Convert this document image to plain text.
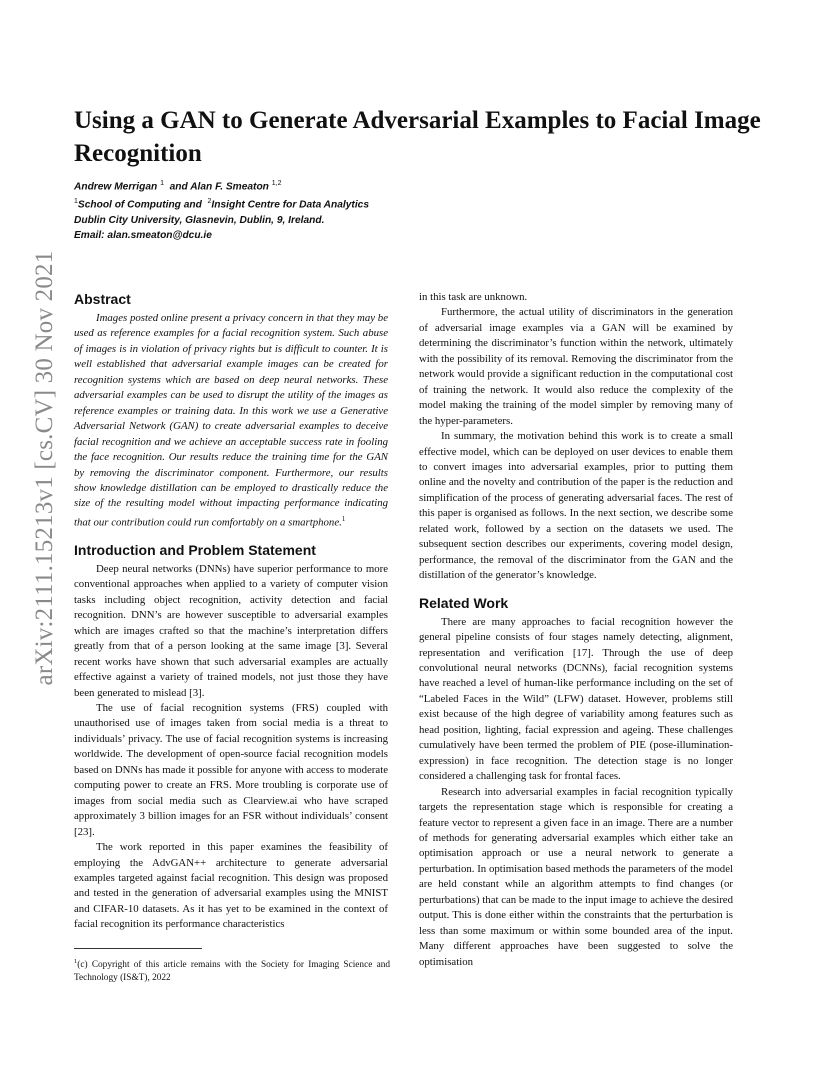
arXiv:2111.15213v1 [cs.CV] 30 Nov 2021
Using a GAN to Generate Adversarial Examples to Facial Image Recognition
Andrew Merrigan $^1$ and Alan F. Smeaton $^{1,2}$
$^1$School of Computing and $^2$Insight Centre for Data Analytics
Dublin City University, Glasnevin, Dublin, 9, Ireland.
Email: alan.smeaton@dcu.ie
Abstract

Images posted online present a privacy concern in that they may be used as reference examples for a facial recognition system. Such abuse of images is in violation of privacy rights but is difficult to counter. It is well established that adversarial example images can be created for recognition systems which are based on deep neural networks. These adversarial examples can be used to disrupt the utility of the images as reference examples or training data. In this work we use a Generative Adversarial Network (GAN) to create adversarial examples to deceive facial recognition and we achieve an acceptable success rate in fooling the face recognition. Our results reduce the training time for the GAN by removing the discriminator component. Furthermore, our results show knowledge distillation can be employed to drastically reduce the size of the resulting model without impacting performance indicating that our contribution could run comfortably on a smartphone.$^1$

Introduction and Problem Statement

Deep neural networks (DNNs) have superior performance to more conventional approaches when applied to a variety of computer vision tasks including object recognition, activity detection and facial recognition. DNN’s are however susceptible to adversarial examples which are images crafted so that the machine’s interpretation differs greatly from that of a person looking at the same image [3]. Several recent works have shown that such adversarial examples are actually effective against a variety of trained models, not just those they have been generated to mislead [3].

The use of facial recognition systems (FRS) coupled with unauthorised use of images taken from social media is a threat to individuals’ privacy. The use of facial recognition systems is increasing worldwide. The development of open-source facial recognition models based on DNNs has made it possible for anyone with access to moderate computing power to create an FRS. More troubling is corporate use of images from social media such as Clearview.ai who have scraped approximately 3 billion images for an FSR without individuals’ consent [23].

The work reported in this paper examines the feasibility of employing the AdvGAN++ architecture to generate adversarial examples targeted against facial recognition. This design was proposed and tested in the generation of adversarial examples using the MNIST and CIFAR-10 datasets. As it has yet to be examined in the context of facial recognition its performance characteristics

in this task are unknown.

Furthermore, the actual utility of discriminators in the generation of adversarial image examples via a GAN will be examined by determining the discriminator’s function within the network, ultimately with the possibility of its removal. Removing the discriminator from the network would provide a significant reduction in the computational cost of training the network. It would also reduce the complexity of the model making the training of the model simpler by removing many of the hyper-parameters.

In summary, the motivation behind this work is to create a small effective model, which can be deployed on user devices to enable them to convert images into adversarial examples, prior to putting them online and the novelty and contribution of the paper is the reduction and simplification of the process of generating adversarial faces. The rest of this paper is organised as follows. In the next section, we describe some related work, followed by a section on the datasets we used. The subsequent section describes our experiments, covering model design, performance, the removal of the discriminator from the GAN and the distillation of the generator’s knowledge.

Related Work

There are many approaches to facial recognition however the general pipeline consists of four stages namely detecting, alignment, representation and verification [17]. Through the use of deep convolutional neural networks (DCNNs), facial recognition systems have reached a level of human-like performance including on the set of “Labeled Faces in the Wild” (LFW) dataset. However, problems still exist because of the high degree of variability among features such as head position, lighting, facial expression and ageing. These challenges cumulatively have been termed the problem of PIE (pose-illumination-expression) in face recognition. The detection stage is no longer considered a challenging task for frontal faces.

Research into adversarial examples in facial recognition typically targets the representation stage which is responsible for creating a feature vector to represent a given face in an image. There are a number of methods for generating adversarial examples which either take an optimisation approach or use a neural network to generate a perturbation. In optimisation based methods the parameters of the model are held constant while an algorithm attempts to find changes (or perturbations) that can be made to the input image to achieve the desired output. This is done either within the constraints that the perturbation is less than some maximum or within some bounded area of the input. Many different approaches have been suggested to solve the optimisation

$^1$(c) Copyright of this article remains with the Society for Imaging Science and Technology (IS&T), 2022
